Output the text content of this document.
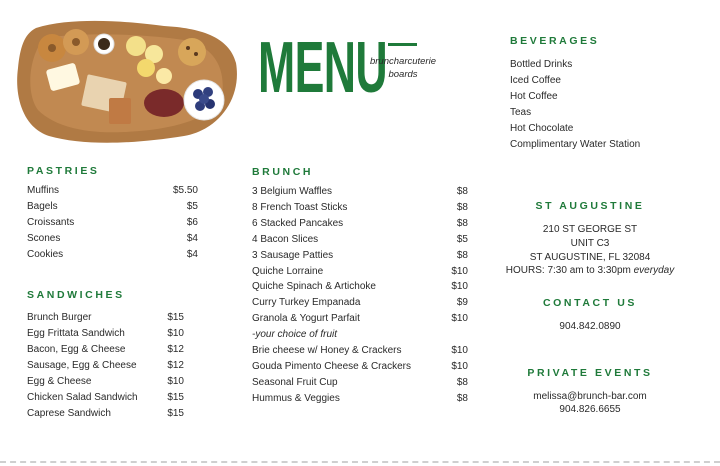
MENU
bruncharcuterie
boards
PASTRIES
Muffins	$5.50
Bagels	$5
Croissants	$6
Scones	$4
Cookies	$4
SANDWICHES
Brunch Burger	$15
Egg Frittata Sandwich	$10
Bacon, Egg & Cheese	$12
Sausage, Egg & Cheese	$12
Egg & Cheese	$10
Chicken Salad Sandwich	$15
Caprese Sandwich	$15
BRUNCH
3 Belgium Waffles	$8
8 French Toast Sticks	$8
6 Stacked Pancakes	$8
4 Bacon Slices	$5
3 Sausage Patties	$8
Quiche Lorraine	$10
Quiche Spinach & Artichoke	$10
Curry Turkey Empanada	$9
Granola & Yogurt Parfait	$10
-your choice of fruit
Brie cheese w/ Honey & Crackers	$10
Gouda Pimento Cheese & Crackers	$10
Seasonal Fruit Cup	$8
Hummus & Veggies	$8
BEVERAGES
Bottled Drinks
Iced Coffee
Hot Coffee
Teas
Hot Chocolate
Complimentary Water Station
ST AUGUSTINE
210 ST GEORGE ST
UNIT C3
ST AUGUSTINE, FL 32084
HOURS: 7:30 am to 3:30pm everyday
CONTACT US
904.842.0890
PRIVATE EVENTS
melissa@brunch-bar.com
904.826.6655
